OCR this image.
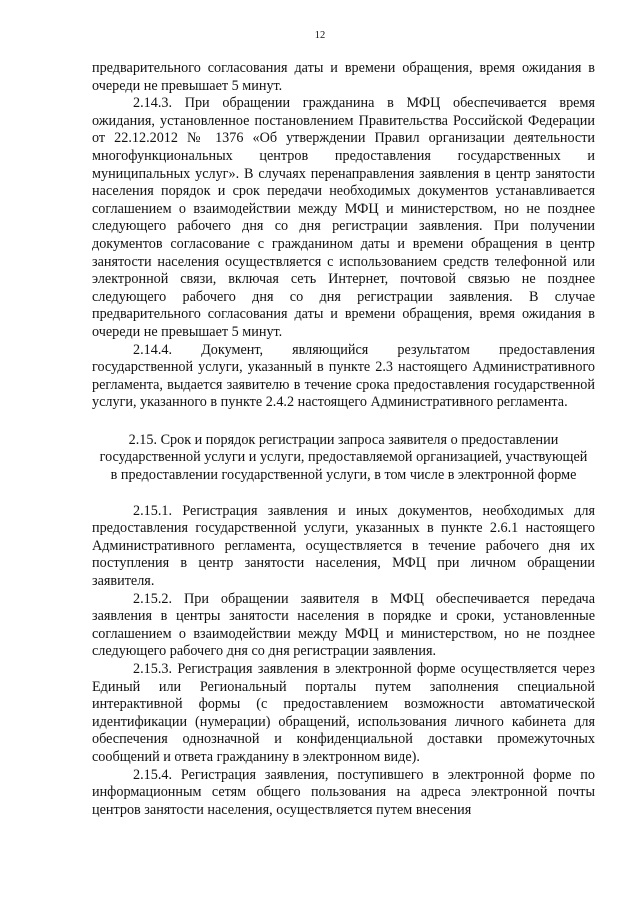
12

предварительного согласования даты и времени обращения, время ожидания в очереди не превышает 5 минут.

2.14.3. При обращении гражданина в МФЦ обеспечивается время ожидания, установленное постановлением Правительства Российской Федерации от 22.12.2012 № 1376 «Об утверждении Правил организации деятельности многофункциональных центров предоставления государственных и муниципальных услуг». В случаях перенаправления заявления в центр занятости населения порядок и срок передачи необходимых документов устанавливается соглашением о взаимодействии между МФЦ и министерством, но не позднее следующего рабочего дня со дня регистрации заявления. При получении документов согласование с гражданином даты и времени обращения в центр занятости населения осуществляется с использованием средств телефонной или электронной связи, включая сеть Интернет, почтовой связью не позднее следующего рабочего дня со дня регистрации заявления. В случае предварительного согласования даты и времени обращения, время ожидания в очереди не превышает 5 минут.

2.14.4. Документ, являющийся результатом предоставления государственной услуги, указанный в пункте 2.3 настоящего Административного регламента, выдается заявителю в течение срока предоставления государственной услуги, указанного в пункте 2.4.2 настоящего Административного регламента.

2.15. Срок и порядок регистрации запроса заявителя о предоставлении государственной услуги и услуги, предоставляемой организацией, участвующей в предоставлении государственной услуги, в том числе в электронной форме

2.15.1. Регистрация заявления и иных документов, необходимых для предоставления государственной услуги, указанных в пункте 2.6.1 настоящего Административного регламента, осуществляется в течение рабочего дня их поступления в центр занятости населения, МФЦ при личном обращении заявителя.

2.15.2. При обращении заявителя в МФЦ обеспечивается передача заявления в центры занятости населения в порядке и сроки, установленные соглашением о взаимодействии между МФЦ и министерством, но не позднее следующего рабочего дня со дня регистрации заявления.

2.15.3. Регистрация заявления в электронной форме осуществляется через Единый или Региональный порталы путем заполнения специальной интерактивной формы (с предоставлением возможности автоматической идентификации (нумерации) обращений, использования личного кабинета для обеспечения однозначной и конфиденциальной доставки промежуточных сообщений и ответа гражданину в электронном виде).

2.15.4. Регистрация заявления, поступившего в электронной форме по информационным сетям общего пользования на адреса электронной почты центров занятости населения, осуществляется путем внесения
